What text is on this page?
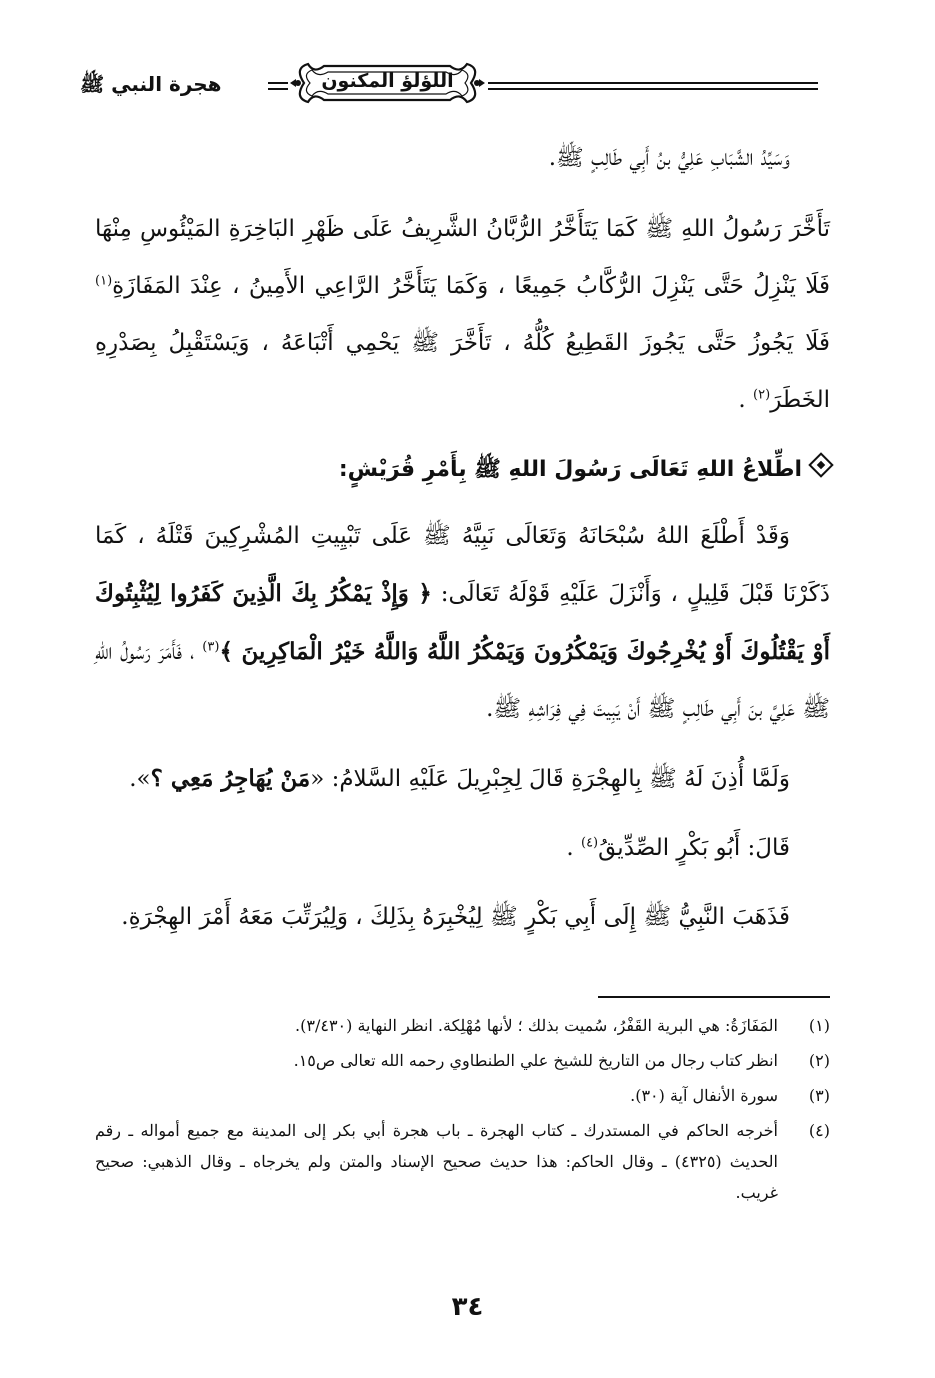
هجرة النبي ﷺ	اللؤلؤ المكنون

وَسَيِّدُ الشَّبَابِ عَلِيُّ بنُ أَبِي طَالِبٍ ﷺ.

تَأَخَّرَ رَسُولُ اللهِ ﷺ كَمَا يَتَأَخَّرُ الرُّبَّانُ الشَّرِيفُ عَلَى ظَهْرِ البَاخِرَةِ المَيْئُوسِ مِنْهَا فَلَا يَنْزِلُ حَتَّى يَنْزِلَ الرُّكَّابُ جَمِيعًا ، وَكَمَا يَتَأَخَّرُ الرَّاعِي الأَمِينُ ، عِنْدَ المَفَازَةِ$^{(١)}$ فَلَا يَجُوزُ حَتَّى يَجُوزَ القَطِيعُ كُلُّهُ ، تَأَخَّرَ ﷺ يَحْمِي أَتْبَاعَهُ ، وَيَسْتَقْبِلُ بِصَدْرِهِ الخَطَرَ$^{(٢)}$ .

اطِّلاعُ اللهِ تَعَالَى رَسُولَ اللهِ ﷺ بِأَمْرِ قُرَيْشٍ:

وَقَدْ أَطْلَعَ اللهُ سُبْحَانَهُ وَتَعَالَى نَبِيَّهُ ﷺ عَلَى تَبْيِيتِ المُشْرِكِينَ قَتْلَهُ ، كَمَا ذَكَرْنَا قَبْلَ قَلِيلٍ ، وَأَنْزَلَ عَلَيْهِ قَوْلَهُ تَعَالَى: ﴿ وَإِذْ يَمْكُرُ بِكَ الَّذِينَ كَفَرُوا لِيُثْبِتُوكَ أَوْ يَقْتُلُوكَ أَوْ يُخْرِجُوكَ وَيَمْكُرُونَ وَيَمْكُرُ اللَّهُ وَاللَّهُ خَيْرُ الْمَاكِرِينَ ﴾$^{(٣)}$ ، فَأَمَرَ رَسُولُ اللهِ ﷺ عَلِيَّ بنَ أَبِي طَالِبٍ ﷺ أَنْ يَبِيتَ فِي فِرَاشِهِ ﷺ.

وَلَمَّا أُذِنَ لَهُ ﷺ بِالهِجْرَةِ قَالَ لِجِبْرِيلَ عَلَيْهِ السَّلامُ: «مَنْ يُهَاجِرُ مَعِي ؟».

قَالَ: أَبُو بَكْرٍ الصِّدِّيقُ$^{(٤)}$ .

فَذَهَبَ النَّبِيُّ ﷺ إِلَى أَبِي بَكْرٍ ﷺ لِيُخْبِرَهُ بِذَلِكَ ، وَلِيُرَتِّبَ مَعَهُ أَمْرَ الهِجْرَةِ.

(١)
المَفَازَةُ: هي البرية القَفْرُ، سُميت بذلك ؛ لأنها مُهْلِكة. انظر النهاية (٣/٤٣٠).
(٢)
انظر كتاب رجال من التاريخ للشيخ علي الطنطاوي رحمه الله تعالى ص١٥.
(٣)
سورة الأنفال آية (٣٠).
(٤)
أخرجه الحاكم في المستدرك ـ كتاب الهجرة ـ باب هجرة أبي بكر إلى المدينة مع جميع أمواله ـ رقم الحديث (٤٣٢٥) ـ وقال الحاكم: هذا حديث صحيح الإسناد والمتن ولم يخرجاه ـ وقال الذهبي: صحيح غريب.
٣٤
